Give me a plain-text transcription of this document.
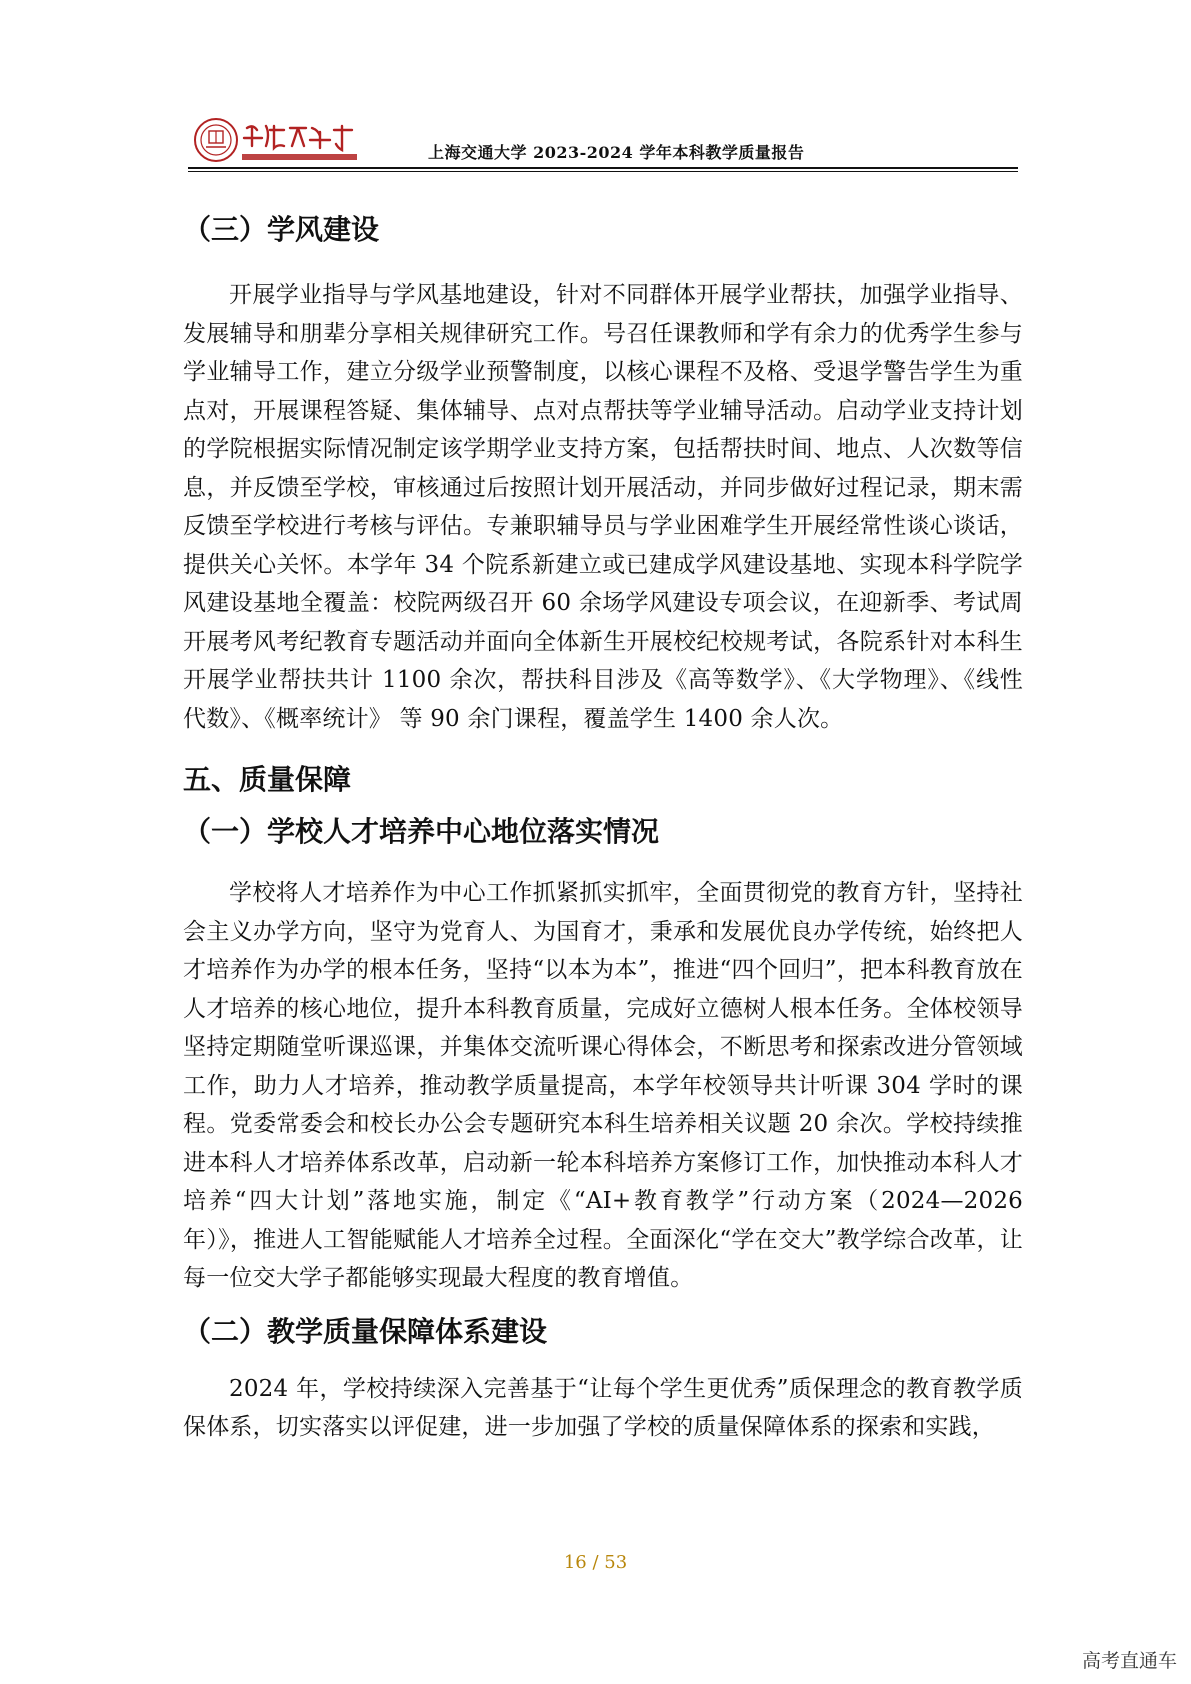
上海交通大学 2023-2024 学年本科教学质量报告
（三）学风建设

开展学业指导与学风基地建设，针对不同群体开展学业帮扶，加强学业指导、发展辅导和朋辈分享相关规律研究工作。号召任课教师和学有余力的优秀学生参与学业辅导工作，建立分级学业预警制度，以核心课程不及格、受退学警告学生为重点对，开展课程答疑、集体辅导、点对点帮扶等学业辅导活动。启动学业支持计划的学院根据实际情况制定该学期学业支持方案，包括帮扶时间、地点、人次数等信息，并反馈至学校，审核通过后按照计划开展活动，并同步做好过程记录，期末需反馈至学校进行考核与评估。专兼职辅导员与学业困难学生开展经常性谈心谈话，提供关心关怀。本学年 34 个院系新建立或已建成学风建设基地、实现本科学院学风建设基地全覆盖：校院两级召开 60 余场学风建设专项会议，在迎新季、考试周开展考风考纪教育专题活动并面向全体新生开展校纪校规考试，各院系针对本科生开展学业帮扶共计 1100 余次，帮扶科目涉及《高等数学》、《大学物理》、《线性代数》、《概率统计》 等 90 余门课程，覆盖学生 1400 余人次。

五、质量保障
（一）学校人才培养中心地位落实情况

学校将人才培养作为中心工作抓紧抓实抓牢，全面贯彻党的教育方针，坚持社会主义办学方向，坚守为党育人、为国育才，秉承和发展优良办学传统，始终把人才培养作为办学的根本任务，坚持“以本为本”，推进“四个回归”，把本科教育放在人才培养的核心地位，提升本科教育质量，完成好立德树人根本任务。全体校领导坚持定期随堂听课巡课，并集体交流听课心得体会，不断思考和探索改进分管领域工作，助力人才培养，推动教学质量提高，本学年校领导共计听课 304 学时的课程。党委常委会和校长办公会专题研究本科生培养相关议题 20 余次。学校持续推进本科人才培养体系改革，启动新一轮本科培养方案修订工作，加快推动本科人才培养“四大计划”落地实施，制定《“AI+教育教学”行动方案（2024—2026 年）》，推进人工智能赋能人才培养全过程。全面深化“学在交大”教学综合改革，让每一位交大学子都能够实现最大程度的教育增值。

（二）教学质量保障体系建设

2024 年，学校持续深入完善基于“让每个学生更优秀”质保理念的教育教学质保体系，切实落实以评促建，进一步加强了学校的质量保障体系的探索和实践，

16 / 53
高考直通车
